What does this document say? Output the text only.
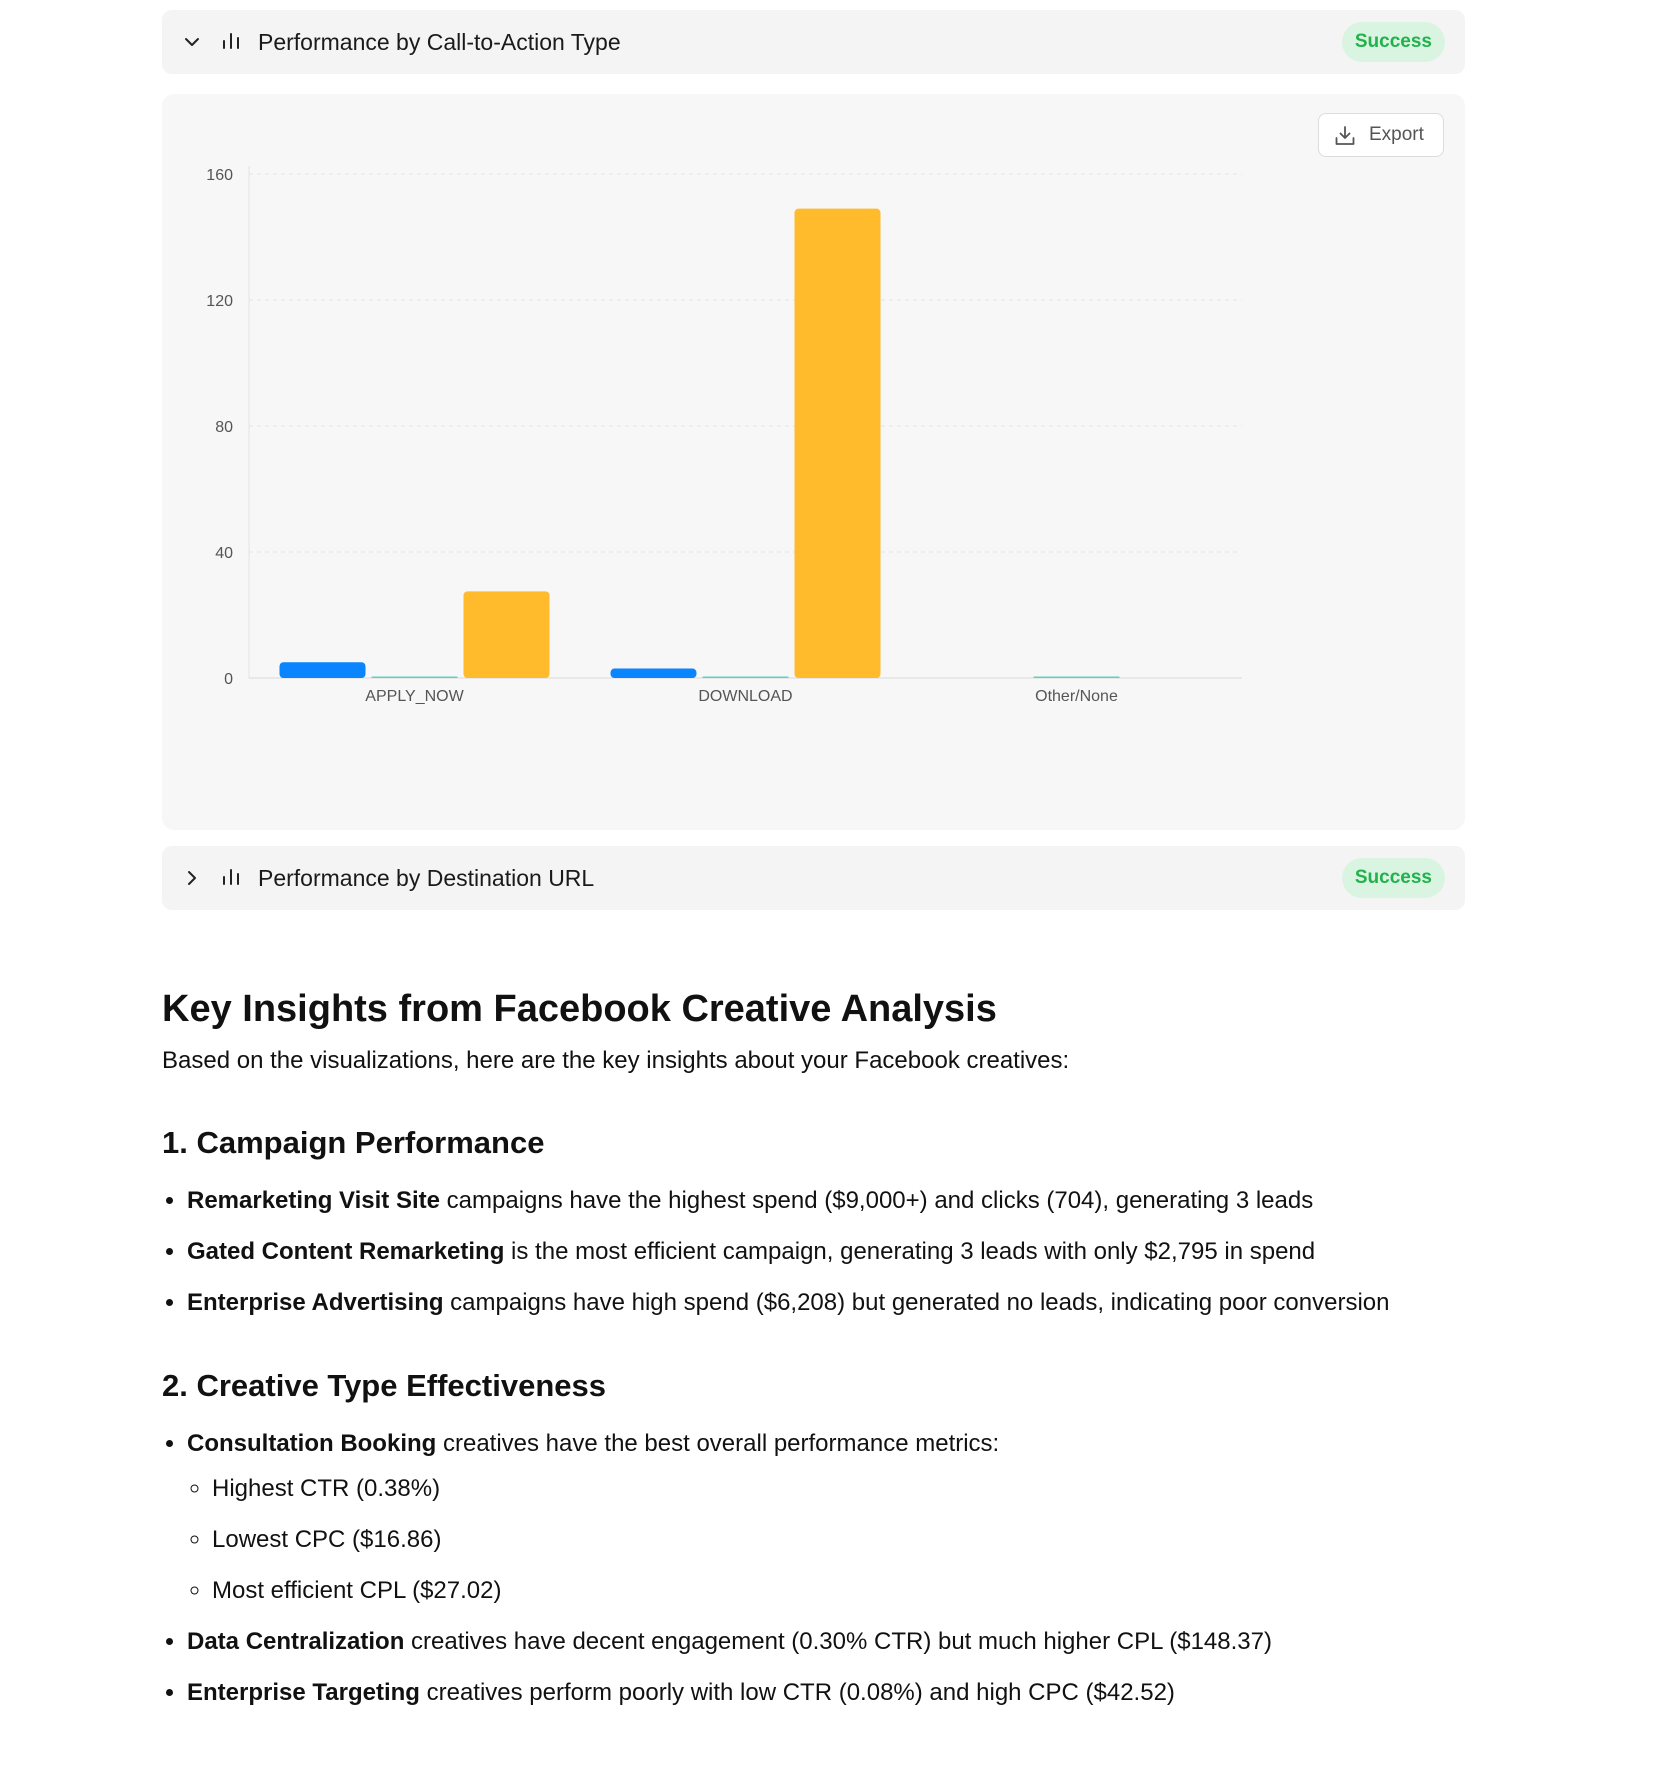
Performance by Call-to-Action Type	Success
Export
0
40
80
120
160
APPLY_NOW	DOWNLOAD	Other/None
Performance by Destination URL	Success
Key Insights from Facebook Creative Analysis

Based on the visualizations, here are the key insights about your Facebook creatives:

1. Campaign Performance
• Remarketing Visit Site campaigns have the highest spend ($9,000+) and clicks (704), generating 3 leads
• Gated Content Remarketing is the most efficient campaign, generating 3 leads with only $2,795 in spend
• Enterprise Advertising campaigns have high spend ($6,208) but generated no leads, indicating poor conversion
2. Creative Type Effectiveness
• Consultation Booking creatives have the best overall performance metrics:
◦ Highest CTR (0.38%)
◦ Lowest CPC ($16.86)
◦ Most efficient CPL ($27.02)
• Data Centralization creatives have decent engagement (0.30% CTR) but much higher CPL ($148.37)
• Enterprise Targeting creatives perform poorly with low CTR (0.08%) and high CPC ($42.52)
